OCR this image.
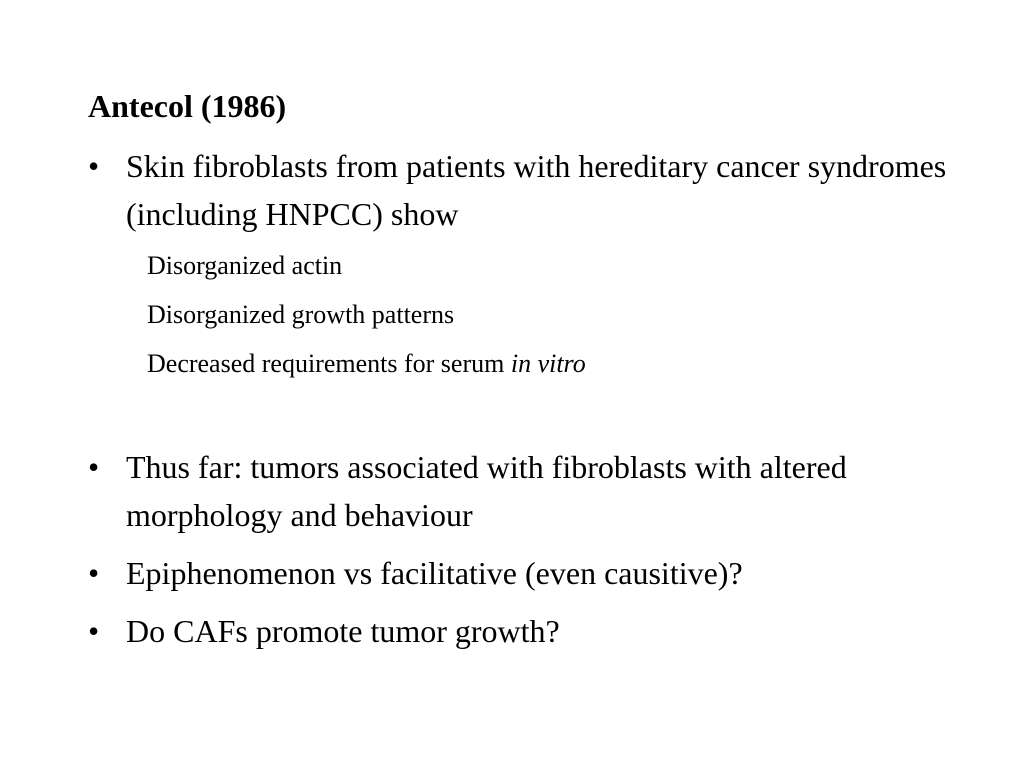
Antecol (1986)
• Skin fibroblasts from patients with hereditary cancer syndromes (including HNPCC) show
Disorganized actin
Disorganized growth patterns
Decreased requirements for serum in vitro
• Thus far: tumors associated with fibroblasts with altered morphology and behaviour
• Epiphenomenon vs facilitative (even causitive)?
• Do CAFs promote tumor growth?
